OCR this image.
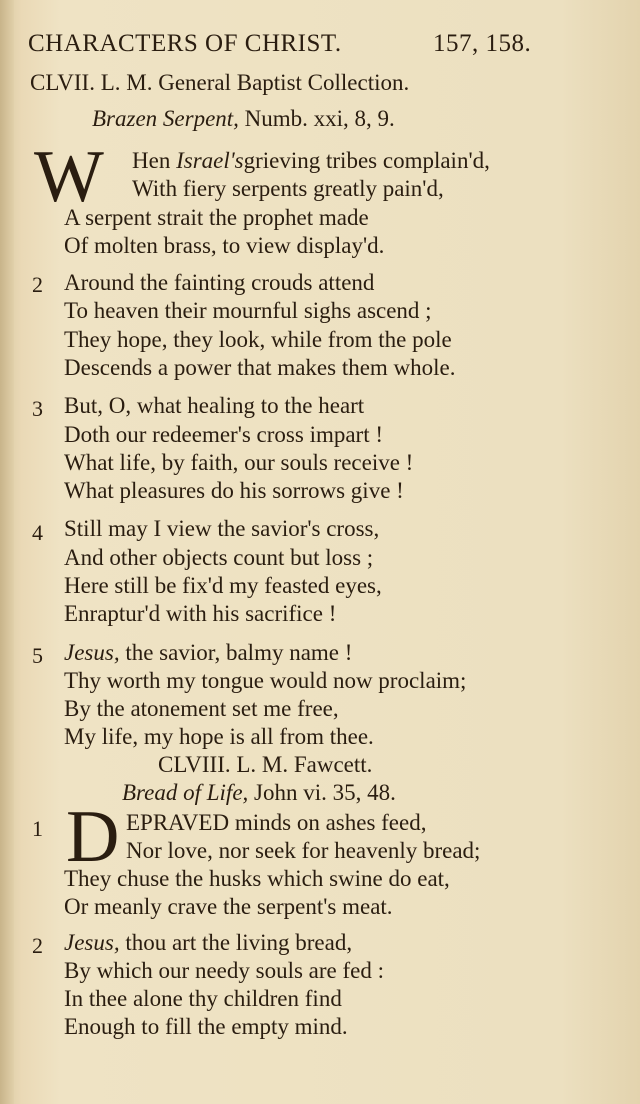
CHARACTERS OF CHRIST.	157, 158.
CLVII. L. M. General Baptist Collection.
Brazen Serpent, Numb. xxi, 8, 9.
W Hen Israel'sgrieving tribes complain'd,
With fiery serpents greatly pain'd,
A serpent strait the prophet made
Of molten brass, to view display'd.
2 Around the fainting crouds attend
To heaven their mournful sighs ascend ;
They hope, they look, while from the pole
Descends a power that makes them whole.
3 But, O, what healing to the heart
Doth our redeemer's cross impart !
What life, by faith, our souls receive !
What pleasures do his sorrows give !
4 Still may I view the savior's cross,
And other objects count but loss ;
Here still be fix'd my feasted eyes,
Enraptur'd with his sacrifice !
5 Jesus, the savior, balmy name !
Thy worth my tongue would now proclaim;
By the atonement set me free,
My life, my hope is all from thee.
CLVIII. L. M. Fawcett.
Bread of Life, John vi. 35, 48.
1 D EPRAVED minds on ashes feed,
Nor love, nor seek for heavenly bread;
They chuse the husks which swine do eat,
Or meanly crave the serpent's meat.
2 Jesus, thou art the living bread,
By which our needy souls are fed :
In thee alone thy children find
Enough to fill the empty mind.
